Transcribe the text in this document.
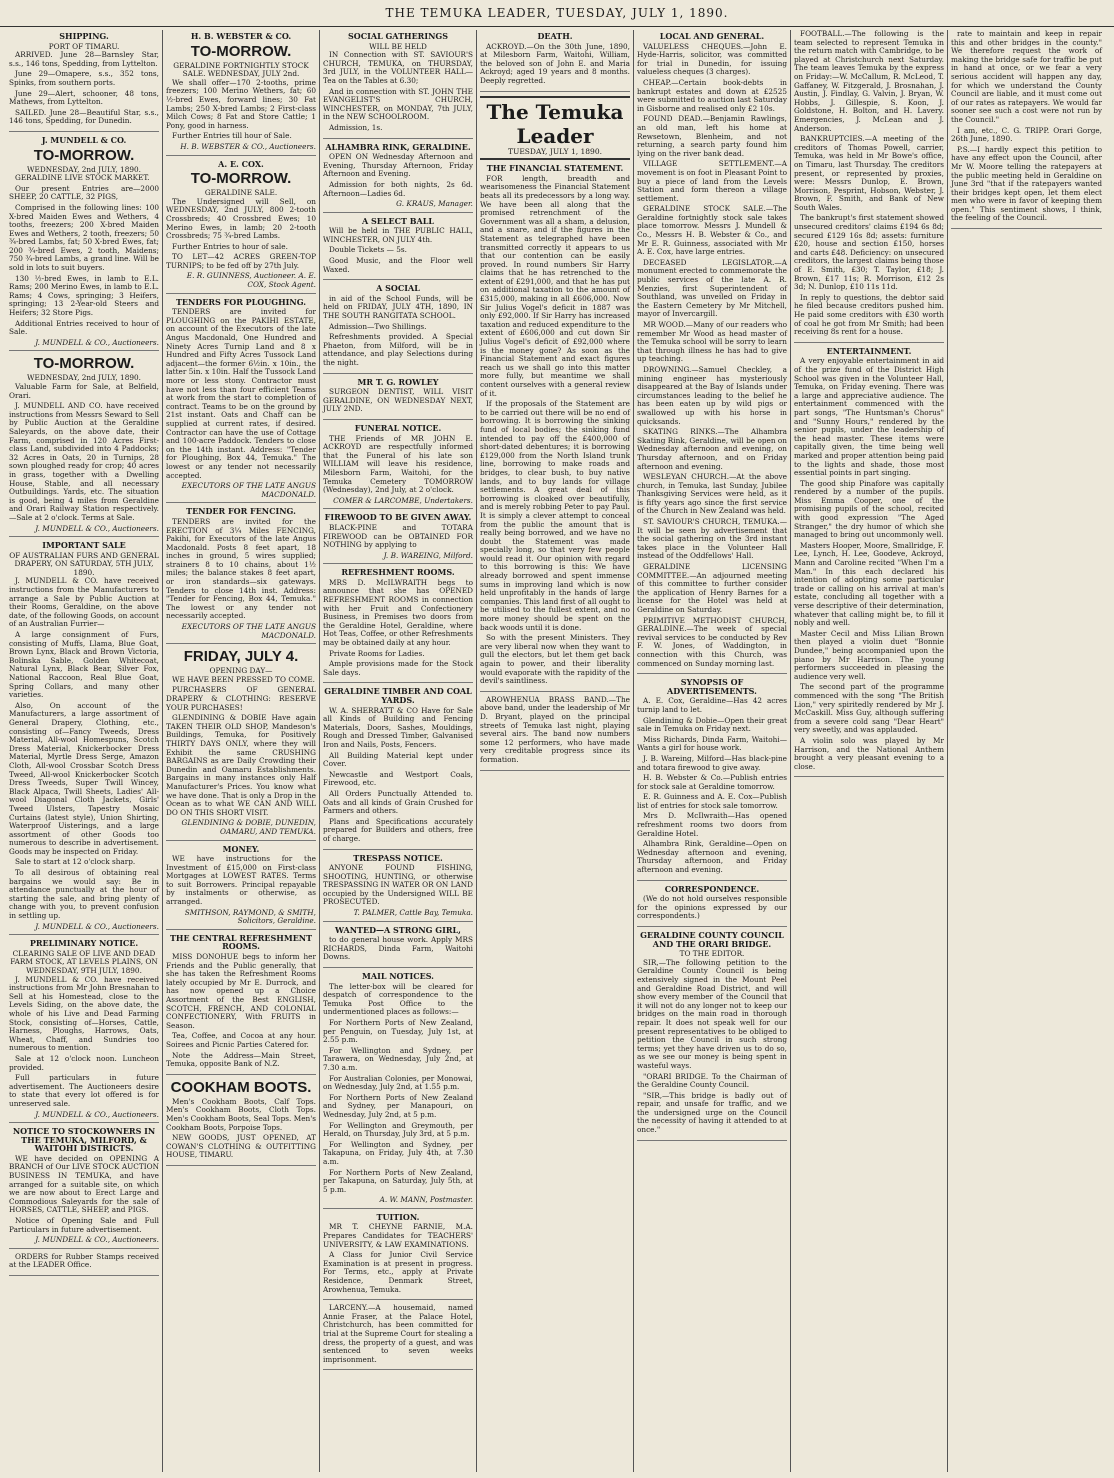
THE TEMUKA LEADER, TUESDAY, JULY 1, 1890.
SHIPPING.
PORT OF TIMARU.

ARRIVED. June 28—Barnsley Star, s.s., 146 tons, Spedding, from Lyttelton.

June 29—Omapere, s.s., 352 tons, Spinks, from southern ports.

June 29—Alert, schooner, 48 tons, Mathews, from Lyttelton.

SAILED. June 28—Beautiful Star, s.s., 146 tons, Spedding, for Dunedin.

J. MUNDELL & CO.
TO-MORROW.
WEDNESDAY, 2nd JULY, 1890.

GERALDINE LIVE STOCK MARKET.

Our present Entries are—2000 SHEEP, 20 CATTLE, 32 PIGS,

Comprised in the following lines: 100 X-bred Maiden Ewes and Wethers, 4 tooths, freezers; 200 X-bred Maiden Ewes and Wethers, 2 tooth, freezers; 50 ¾-bred Lambs, fat; 50 X-bred Ewes, fat; 200 ¾-bred Ewes, 2 tooth, Maidens; 750 ¾-bred Lambs, a grand line. Will be sold in lots to suit buyers.

130 ½-bred Ewes, in lamb to E.L. Rams; 200 Merino Ewes, in lamb to E.L. Rams; 4 Cows, springing; 3 Heifers, springing; 13 2-Year-old Steers and Heifers; 32 Store Pigs.

Additional Entries received to hour of Sale.

J. MUNDELL & CO., Auctioneers.
TO-MORROW.
WEDNESDAY, 2nd JULY, 1890.

Valuable Farm for Sale, at Belfield, Orari.

J. MUNDELL AND CO. have received instructions from Messrs Seward to Sell by Public Auction at the Geraldine Saleyards, on the above date, their Farm, comprised in 120 Acres First-class Land, subdivided into 4 Paddocks; 32 Acres in Oats, 20 in Turnips, 28 sown ploughed ready for crop; 40 acres in grass, together with a Dwelling House, Stable, and all necessary Outbuildings. Yards, etc. The situation is good, being 4 miles from Geraldine and Orari Railway Station respectively.—Sale at 2 o'clock. Terms at Sale.

J. MUNDELL & CO., Auctioneers.
IMPORTANT SALE
OF AUSTRALIAN FURS AND GENERAL DRAPERY, ON SATURDAY, 5TH JULY, 1890.

J. MUNDELL & CO. have received instructions from the Manufacturers to arrange a Sale by Public Auction at their Rooms, Geraldine, on the above date, of the following Goods, on account of an Australian Furrier—

A large consignment of Furs, consisting of Muffs, Llama, Blue Goat, Brown Lynx, Black and Brown Victoria, Bolinska Sable, Golden Whitecoat, Natural Lynx, Black Bear, Silver Fox, National Raccoon, Real Blue Goat, Spring Collars, and many other varieties.

Also, On account of the Manufacturers, a large assortment of General Drapery, Clothing, etc., consisting of—Fancy Tweeds, Dress Material, All-wool Homespuns, Scotch Dress Material, Knickerbocker Dress Material, Myrtle Dress Serge, Amazon Cloth, All-wool Crossbar Scotch Dress Tweed, All-wool Knickerbocker Scotch Dress Tweeds, Super Twill Wincey, Black Alpaca, Twill Sheets, Ladies' All-wool Diagonal Cloth Jackets, Girls' Tweed Ulsters, Tapestry Mosaic Curtains (latest style), Union Shirting, Waterproof Uisterings, and a large assortment of other Goods too numerous to describe in advertisement. Goods may be inspected on Friday.

Sale to start at 12 o'clock sharp.

To all desirous of obtaining real bargains we would say: Be in attendance punctually at the hour of starting the sale, and bring plenty of change with you, to prevent confusion in settling up.

J. MUNDELL & CO., Auctioneers.
PRELIMINARY NOTICE.
CLEARING SALE OF LIVE AND DEAD FARM STOCK, AT LEVELS PLAINS, ON WEDNESDAY, 9TH JULY, 1890.

J. MUNDELL & CO. have received instructions from Mr John Bresnahan to Sell at his Homestead, close to the Levels Siding, on the above date, the whole of his Live and Dead Farming Stock, consisting of—Horses, Cattle, Harness, Ploughs, Harrows, Oats, Wheat, Chaff, and Sundries too numerous to mention.

Sale at 12 o'clock noon. Luncheon provided.

Full particulars in future advertisement. The Auctioneers desire to state that every lot offered is for unreserved sale.

J. MUNDELL & CO., Auctioneers.
NOTICE TO STOCKOWNERS IN THE TEMUKA, MILFORD, & WAITOHI DISTRICTS.

WE have decided on OPENING A BRANCH of Our LIVE STOCK AUCTION BUSINESS IN TEMUKA, and have arranged for a suitable site, on which we are now about to Erect Large and Commodious Saleyards for the sale of HORSES, CATTLE, SHEEP, and PIGS.

Notice of Opening Sale and Full Particulars in future advertisement.

J. MUNDELL & CO., Auctioneers.

ORDERS for Rubber Stamps received at the LEADER Office.

H. B. WEBSTER & CO.
TO-MORROW.
GERALDINE FORTNIGHTLY STOCK SALE. WEDNESDAY, JULY 2nd.

We shall offer—170 2-tooths, prime freezers; 100 Merino Wethers, fat; 60 ½-bred Ewes, forward lines; 30 Fat Lambs; 250 X-bred Lambs; 2 First-class Milch Cows; 8 Fat and Store Cattle; 1 Pony, good in harness.

Further Entries till hour of Sale.

H. B. WEBSTER & CO., Auctioneers.
A. E. COX.
TO-MORROW.
GERALDINE SALE.

The Undersigned will Sell, on WEDNESDAY, 2nd JULY, 800 2-tooth Crossbreds; 40 Crossbred Ewes; 10 Merino Ewes, in lamb; 20 2-tooth Crossbreds; 75 ¾-bred Lambs.

Further Entries to hour of sale.

TO LET—42 ACRES GREEN-TOP TURNIPS; to be fed off by 27th July.

E. R. GUINNESS, Auctioneer. A. E. COX, Stock Agent.
TENDERS FOR PLOUGHING.

TENDERS are invited for PLOUGHING on the PAKIHI ESTATE, on account of the Executors of the late Angus Macdonald, One Hundred and Ninety Acres Turnip Land and 8 x Hundred and Fifty Acres Tussock Land adjacent—the former 6½in. x 10in., the latter 5in. x 10in. Half the Tussock Land more or less stony. Contractor must have not less than four efficient Teams at work from the start to completion of contract. Teams to be on the ground by 21st instant. Oats and Chaff can be supplied at current rates, if desired. Contractor can have the use of Cottage and 100-acre Paddock. Tenders to close on the 14th instant. Address: "Tender for Ploughing, Box 44, Temuka." The lowest or any tender not necessarily accepted.

EXECUTORS OF THE LATE ANGUS MACDONALD.
TENDER FOR FENCING.

TENDERS are invited for the ERECTION of 3¼ Miles FENCING, Pakihi, for Executors of the late Angus Macdonald. Posts 8 feet apart, 18 inches in ground, 5 wires supplied; strainers 8 to 10 chains, about 1½ miles; the balance stakes 8 feet apart, or iron standards—six gateways. Tenders to close 14th inst. Address: "Tender for Fencing, Box 44, Temuka." The lowest or any tender not necessarily accepted.

EXECUTORS OF THE LATE ANGUS MACDONALD.
FRIDAY, JULY 4.
OPENING DAY—

WE HAVE BEEN PRESSED TO COME.

PURCHASERS OF GENERAL DRAPERY & CLOTHING: RESERVE YOUR PURCHASES!

GLENDINING & DOBIE Have again TAKEN THEIR OLD SHOP, Mandeson's Buildings, Temuka, for Positively THIRTY DAYS ONLY, where they will Exhibit the same CRUSHING BARGAINS as are Daily Crowding their Dunedin and Oamaru Establishments. Bargains in many instances only Half Manufacturer's Prices. You know what we have done. That is only a Drop in the Ocean as to what WE CAN AND WILL DO ON THIS SHORT VISIT.

GLENDINING & DOBIE, DUNEDIN, OAMARU, AND TEMUKA.
MONEY.

WE have instructions for the Investment of £15,000 on First-class Mortgages at LOWEST RATES. Terms to suit Borrowers. Principal repayable by instalments or otherwise, as arranged.

SMITHSON, RAYMOND, & SMITH, Solicitors, Geraldine.
THE CENTRAL REFRESHMENT ROOMS.

MISS DONOHUE begs to inform her Friends and the Public generally, that she has taken the Refreshment Rooms lately occupied by Mr E. Durrock, and has now opened up a Choice Assortment of the Best ENGLISH, SCOTCH, FRENCH, AND COLONIAL CONFECTIONERY, With FRUITS in Season.

Tea, Coffee, and Cocoa at any hour. Soirees and Picnic Parties Catered for.

Note the Address—Main Street, Temuka, opposite Bank of N.Z.

COOKHAM BOOTS.

Men's Cookham Boots, Calf Tops. Men's Cookham Boots, Cloth Tops. Men's Cookham Boots, Seal Tops. Men's Cookham Boots, Porpoise Tops.

NEW GOODS, JUST OPENED, AT COWAN'S CLOTHING & OUTFITTING HOUSE, TIMARU.

SOCIAL GATHERINGS
WILL BE HELD

IN Connection with ST. SAVIOUR'S CHURCH, TEMUKA, on THURSDAY, 3rd JULY, in the VOLUNTEER HALL—Tea on the Tables at 6.30;

And in connection with ST. JOHN THE EVANGELIST'S CHURCH, WINCHESTER, on MONDAY, 7th JULY, in the NEW SCHOOLROOM.

Admission, 1s.

ALHAMBRA RINK, GERALDINE.

OPEN ON Wednesday Afternoon and Evening, Thursday Afternoon, Friday Afternoon and Evening.

Admission for both nights, 2s 6d. Afternoon—Ladies 6d.

G. KRAUS, Manager.
A SELECT BALL

Will be held in THE PUBLIC HALL, WINCHESTER, ON JULY 4th.

Double Tickets — 5s.

Good Music, and the Floor well Waxed.

A SOCIAL

in aid of the School Funds, will be held on FRIDAY, JULY 4TH, 1890, IN THE SOUTH RANGITATA SCHOOL.

Admission—Two Shillings.

Refreshments provided. A Special Phaeton, from Milford, will be in attendance, and play Selections during the night.

MR T. G. ROWLEY

SURGEON DENTIST, WILL VISIT GERALDINE, ON WEDNESDAY NEXT, JULY 2ND.

FUNERAL NOTICE.

THE Friends of MR JOHN E. ACKROYD are respectfully informed that the Funeral of his late son WILLIAM will leave his residence, Milesborn Farm, Waitohi, for the Temuka Cemetery TOMORROW (Wednesday), 2nd July, at 2 o'clock.

COMER & LARCOMBE, Undertakers.
FIREWOOD TO BE GIVEN AWAY.

BLACK-PINE and TOTARA FIREWOOD can be OBTAINED FOR NOTHING by applying to

J. B. WAREING, Milford.
REFRESHMENT ROOMS.

MRS D. McILWRAITH begs to announce that she has OPENED REFRESHMENT ROOMS in connection with her Fruit and Confectionery Business, in Premises two doors from the Geraldine Hotel, Geraldine, where Hot Teas, Coffee, or other Refreshments may be obtained daily at any hour.

Private Rooms for Ladies.

Ample provisions made for the Stock Sale days.

GERALDINE TIMBER AND COAL YARDS.

W. A. SHERRATT & CO Have for Sale all Kinds of Building and Fencing Materials, Doors, Sashes, Mouldings, Rough and Dressed Timber, Galvanised Iron and Nails, Posts, Fencers.

All Building Material kept under Cover.

Newcastle and Westport Coals, Firewood, etc.

All Orders Punctually Attended to. Oats and all kinds of Grain Crushed for Farmers and others.

Plans and Specifications accurately prepared for Builders and others, free of charge.

TRESPASS NOTICE.

ANYONE FOUND FISHING, SHOOTING, HUNTING, or otherwise TRESPASSING IN WATER OR ON LAND occupied by the Undersigned WILL BE PROSECUTED.

T. PALMER, Cattle Bay, Temuka.
WANTED—A STRONG GIRL,

to do general house work. Apply MRS RICHARDS, Dinda Farm, Waitohi Downs.

MAIL NOTICES.

The letter-box will be cleared for despatch of correspondence to the Temuka Post Office to the undermentioned places as follows:—

For Northern Ports of New Zealand, per Penguin, on Tuesday, July 1st, at 2.55 p.m.

For Wellington and Sydney, per Tarawera, on Wednesday, July 2nd, at 7.30 a.m.

For Australian Colonies, per Monowai, on Wednesday, July 2nd, at 1.55 p.m.

For Northern Ports of New Zealand and Sydney, per Manapouri, on Wednesday, July 2nd, at 5 p.m.

For Wellington and Greymouth, per Herald, on Thursday, July 3rd, at 5 p.m.

For Wellington and Sydney, per Takapuna, on Friday, July 4th, at 7.30 a.m.

For Northern Ports of New Zealand, per Takapuna, on Saturday, July 5th, at 5 p.m.

A. W. MANN, Postmaster.
TUITION.

MR T. CHEYNE FARNIE, M.A. Prepares Candidates for TEACHERS' UNIVERSITY, & LAW EXAMINATIONS.

A Class for Junior Civil Service Examination is at present in progress. For Terms, etc., apply at Private Residence, Denmark Street, Arowhenua, Temuka.

LARCENY.—A housemaid, named Annie Fraser, at the Palace Hotel, Christchurch, has been committed for trial at the Supreme Court for stealing a dress, the property of a guest, and was sentenced to seven weeks imprisonment.

DEATH.

ACKROYD.—On the 30th June, 1890, at Milesborn Farm, Waitohi, William, the beloved son of John E. and Maria Ackroyd; aged 19 years and 8 months. Deeply regretted.

The Temuka Leader
TUESDAY, JULY 1, 1890.
THE FINANCIAL STATEMENT.

FOR length, breadth and wearisomeness the Financial Statement beats all its predecessors by a long way. We have been all along that the promised retrenchment of the Government was all a sham, a delusion, and a snare, and if the figures in the Statement as telegraphed have been transmitted correctly it appears to us that our contention can be easily proved. In round numbers Sir Harry claims that he has retrenched to the extent of £291,000, and that he has put on additional taxation to the amount of £315,000, making in all £606,000. Now Sir Julius Vogel's deficit in 1887 was only £92,000. If Sir Harry has increased taxation and reduced expenditure to the extent of £606,000 and cut down Sir Julius Vogel's deficit of £92,000 where is the money gone? As soon as the Financial Statement and exact figures reach us we shall go into this matter more fully, but meantime we shall content ourselves with a general review of it.

If the proposals of the Statement are to be carried out there will be no end of borrowing. It is borrowing the sinking fund of local bodies; the sinking fund intended to pay off the £400,000 of short-dated debentures; it is borrowing £129,000 from the North Island trunk line, borrowing to make roads and bridges, to clear bush, to buy native lands, and to buy lands for village settlements. A great deal of this borrowing is cloaked over beautifully, and is merely robbing Peter to pay Paul. It is simply a clever attempt to conceal from the public the amount that is really being borrowed, and we have no doubt the Statement was made specially long, so that very few people would read it. Our opinion with regard to this borrowing is this: We have already borrowed and spent immense sums in improving land which is now held unprofitably in the hands of large companies. This land first of all ought to be utilised to the fullest extent, and no more money should be spent on the back woods until it is done.

So with the present Ministers. They are very liberal now when they want to gull the electors, but let them get back again to power, and their liberality would evaporate with the rapidity of the devil's saintliness.

AROWHENUA BRASS BAND.—The above band, under the leadership of Mr D. Bryant, played on the principal streets of Temuka last night, playing several airs. The band now numbers some 12 performers, who have made very creditable progress since its formation.

LOCAL AND GENERAL.

VALUELESS CHEQUES.—John E. Hyde-Harris, solicitor, was committed for trial in Dunedin, for issuing valueless cheques (3 charges).

CHEAP.—Certain book-debts in bankrupt estates and down at £2525 were submitted to auction last Saturday in Gisborne and realised only £2 10s.

FOUND DEAD.—Benjamin Rawlings, an old man, left his home at Rewsetown, Blenheim, and not returning, a search party found him lying on the river bank dead.

VILLAGE SETTLEMENT.—A movement is on foot in Pleasant Point to buy a piece of land from the Levels Station and form thereon a village settlement.

GERALDINE STOCK SALE.—The Geraldine fortnightly stock sale takes place tomorrow. Messrs J. Mundell & Co., Messrs H. B. Webster & Co., and Mr E. R. Guinness, associated with Mr A. E. Cox, have large entries.

DECEASED LEGISLATOR.—A monument erected to commemorate the public services of the late A. R. Menzies, first Superintendent of Southland, was unveiled on Friday in the Eastern Cemetery by Mr Mitchell, mayor of Invercargill.

MR WOOD.—Many of our readers who remember Mr Wood as head master of the Temuka school will be sorry to learn that through illness he has had to give up teaching.

DROWNING.—Samuel Checkley, a mining engineer has mysteriously disappeared at the Bay of Islands under circumstances leading to the belief he has been eaten up by wild pigs or swallowed up with his horse in quicksands.

SKATING RINKS.—The Alhambra Skating Rink, Geraldine, will be open on Wednesday afternoon and evening, on Thursday afternoon, and on Friday afternoon and evening.

WESLEYAN CHURCH.—At the above church, in Temuka, last Sunday, Jubilee Thanksgiving Services were held, as it is fifty years ago since the first service of the Church in New Zealand was held.

ST. SAVIOUR'S CHURCH, TEMUKA.—It will be seen by advertisement that the social gathering on the 3rd instant takes place in the Volunteer Hall instead of the Oddfellows' Hall.

GERALDINE LICENSING COMMITTEE.—An adjourned meeting of this committee to further consider the application of Henry Barnes for a license for the Hotel was held at Geraldine on Saturday.

PRIMITIVE METHODIST CHURCH, GERALDINE.—The week of special revival services to be conducted by Rev F. W. Jones, of Waddington, in connection with this Church, was commenced on Sunday morning last.

SYNOPSIS OF ADVERTISEMENTS.

A. E. Cox, Geraldine—Has 42 acres turnip land to let.

Glendining & Dobie—Open their great sale in Temuka on Friday next.

Miss Richards, Dinda Farm, Waitohi—Wants a girl for house work.

J. B. Wareing, Milford—Has black-pine and totara firewood to give away.

H. B. Webster & Co.—Publish entries for stock sale at Geraldine tomorrow.

E. R. Guinness and A. E. Cox—Publish list of entries for stock sale tomorrow.

Mrs D. McIlwraith—Has opened refreshment rooms two doors from Geraldine Hotel.

Alhambra Rink, Geraldine—Open on Wednesday afternoon and evening, Thursday afternoon, and Friday afternoon and evening.

CORRESPONDENCE.

(We do not hold ourselves responsible for the opinions expressed by our correspondents.)

GERALDINE COUNTY COUNCIL AND THE ORARI BRIDGE.
TO THE EDITOR.

SIR,—The following petition to the Geraldine County Council is being extensively signed in the Mount Peel and Geraldine Road District, and will show every member of the Council that it will not do any longer not to keep our bridges on the main road in thorough repair. It does not speak well for our present representatives to be obliged to petition the Council in such strong terms; yet they have driven us to do so, as we see our money is being spent in wasteful ways.

"ORARI BRIDGE. To the Chairman of the Geraldine County Council.

"SIR,—This bridge is badly out of repair, and unsafe for traffic, and we the undersigned urge on the Council the necessity of having it attended to at once."

FOOTBALL.—The following is the team selected to represent Temuka in the return match with Cambridge, to be played at Christchurch next Saturday. The team leaves Temuka by the express on Friday:—W. McCallum, R. McLeod, T. Gaffaney, W. Fitzgerald, J. Brosnahan, J. Austin, J. Findlay, G. Valvin, J. Bryan, W. Hobbs, J. Gillespie, S. Koon, J. Goldstone, H. Bolton, and H. Lavery. Emergencies, J. McLean and J. Anderson.

BANKRUPTCIES.—A meeting of the creditors of Thomas Powell, carrier, Temuka, was held in Mr Bowe's office, on Timaru, last Thursday. The creditors present, or represented by proxies, were: Messrs Dunlop, E. Brown, Morrison, Pesprint, Hobson, Webster, J. Brown, F. Smith, and Bank of New South Wales.

The bankrupt's first statement showed unsecured creditors' claims £194 6s 8d; secured £129 16s 8d; assets: furniture £20, house and section £150, horses and carts £48. Deficiency: on unsecured creditors, the largest claims being those of E. Smith, £30; T. Taylor, £18; J. Brown, £17 11s; R. Morrison, £12 2s 3d; N. Dunlop, £10 11s 11d.

In reply to questions, the debtor said he filed because creditors pushed him. He paid some creditors with £30 worth of coal he got from Mr Smith; had been receiving 8s rent for a house.

ENTERTAINMENT.

A very enjoyable entertainment in aid of the prize fund of the District High School was given in the Volunteer Hall, Temuka, on Friday evening. There was a large and appreciative audience. The entertainment commenced with the part songs, "The Huntsman's Chorus" and "Sunny Hours," rendered by the senior pupils, under the leadership of the head master. These items were capitally given, the time being well marked and proper attention being paid to the lights and shade, those most essential points in part singing.

The good ship Pinafore was capitally rendered by a number of the pupils. Miss Emma Cooper, one of the promising pupils of the school, recited with good expression "The Aged Stranger," the dry humor of which she managed to bring out uncommonly well.

Masters Hooper, Moore, Smallridge, F. Lee, Lynch, H. Lee, Goodeve, Ackroyd, Mann and Caroline recited "When I'm a Man." In this each declared his intention of adopting some particular trade or calling on his arrival at man's estate, concluding all together with a verse descriptive of their determination, whatever that calling might be, to fill it nobly and well.

Master Cecil and Miss Lilian Brown then played a violin duet "Bonnie Dundee," being accompanied upon the piano by Mr Harrison. The young performers succeeded in pleasing the audience very well.

The second part of the programme commenced with the song "The British Lion," very spiritedly rendered by Mr J. McCaskill. Miss Guy, although suffering from a severe cold sang "Dear Heart" very sweetly, and was applauded.

A violin solo was played by Mr Harrison, and the National Anthem brought a very pleasant evening to a close.

rate to maintain and keep in repair this and other bridges in the county." We therefore request the work of making the bridge safe for traffic be put in hand at once, or we fear a very serious accident will happen any day, for which we understand the County Council are liable, and it must come out of our rates as ratepayers. We would far sooner see such a cost were not run by the Council."

I am, etc., C. G. TRIPP. Orari Gorge, 26th June, 1890.

P.S.—I hardly expect this petition to have any effect upon the Council, after Mr W. Moore telling the ratepayers at the public meeting held in Geraldine on June 3rd "that if the ratepayers wanted their bridges kept open, let them elect men who were in favor of keeping them open." This sentiment shows, I think, the feeling of the Council.
